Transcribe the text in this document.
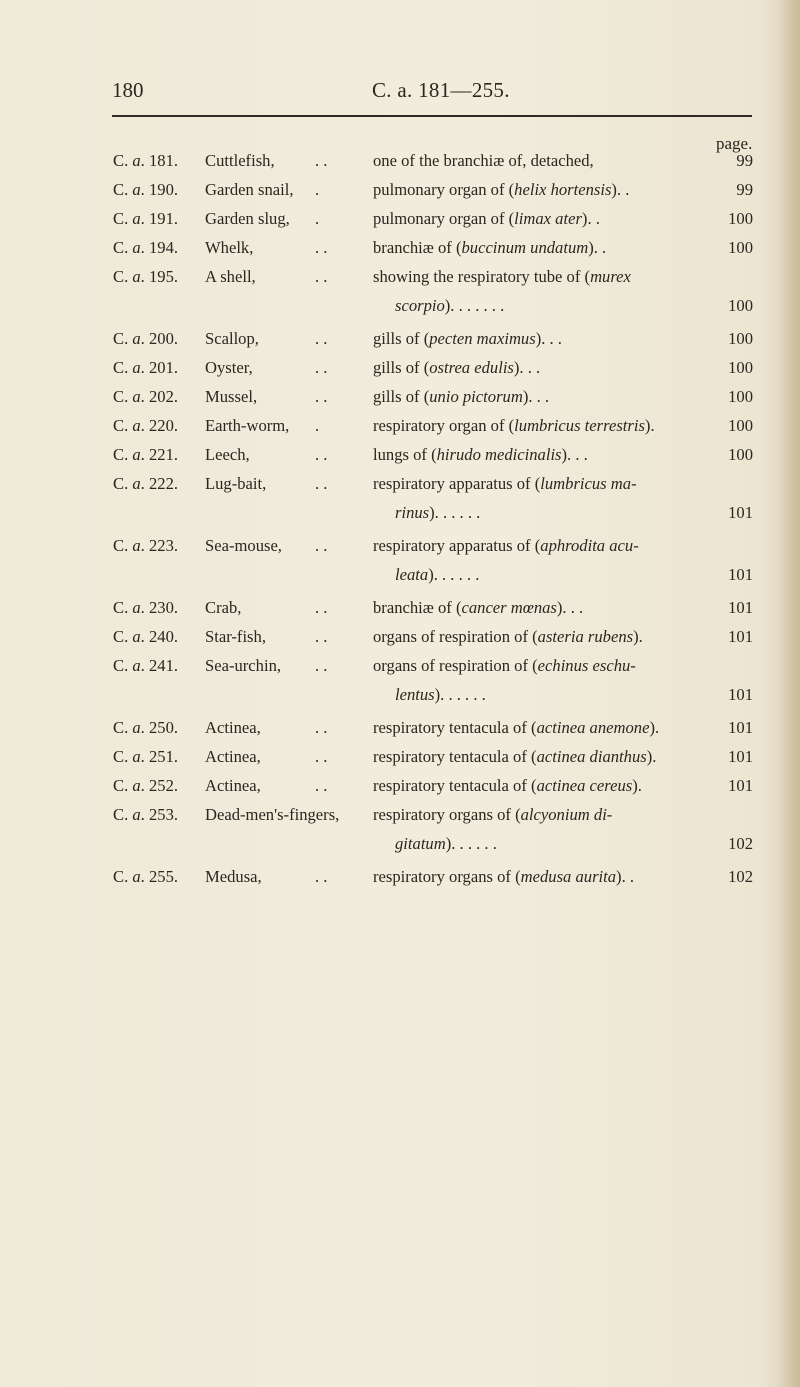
180	C. a. 181—255.
page.
C. a. 181.	Cuttlefish, . .	one of the branchiæ of, detached,	99
C. a. 190.	Garden snail, .	pulmonary organ of (helix hortensis). .	99
C. a. 191.	Garden slug, .	pulmonary organ of (limax ater). .	100
C. a. 194.	Whelk,	. .	branchiæ of (buccinum undatum). .	100
C. a. 195.	A shell,	. .	showing the respiratory tube of (murex
scorpio). . . . . . .	100
C. a. 200.	Scallop,	. .	gills of (pecten maximus). . .	100
C. a. 201.	Oyster,	. .	gills of (ostrea edulis). . .	100
C. a. 202.	Mussel,	. .	gills of (unio pictorum). . .	100
C. a. 220.	Earth-worm, .	respiratory organ of (lumbricus terrestris).	100
C. a. 221.	Leech,	. .	lungs of (hirudo medicinalis). . .	100
C. a. 222.	Lug-bait,	. .	respiratory apparatus of (lumbricus ma-
rinus). . . . . .	101
C. a. 223.	Sea-mouse, . .	respiratory apparatus of (aphrodita acu-
leata). . . . . .	101
C. a. 230.	Crab,	. .	branchiæ of (cancer mœnas). . .	101
C. a. 240.	Star-fish,	. .	organs of respiration of (asteria rubens).	101
C. a. 241.	Sea-urchin, . .	organs of respiration of (echinus eschu-
lentus). . . . . .	101
C. a. 250.	Actinea,	. .	respiratory tentacula of (actinea anemone).	101
C. a. 251.	Actinea,	. .	respiratory tentacula of (actinea dianthus).	101
C. a. 252.	Actinea,	. .	respiratory tentacula of (actinea cereus).	101
C. a. 253.	Dead-men's-fingers, respiratory organs of (alcyonium di-
gitatum). . . . . .	102
C. a. 255.	Medusa,	. .	respiratory organs of (medusa aurita). .	102
